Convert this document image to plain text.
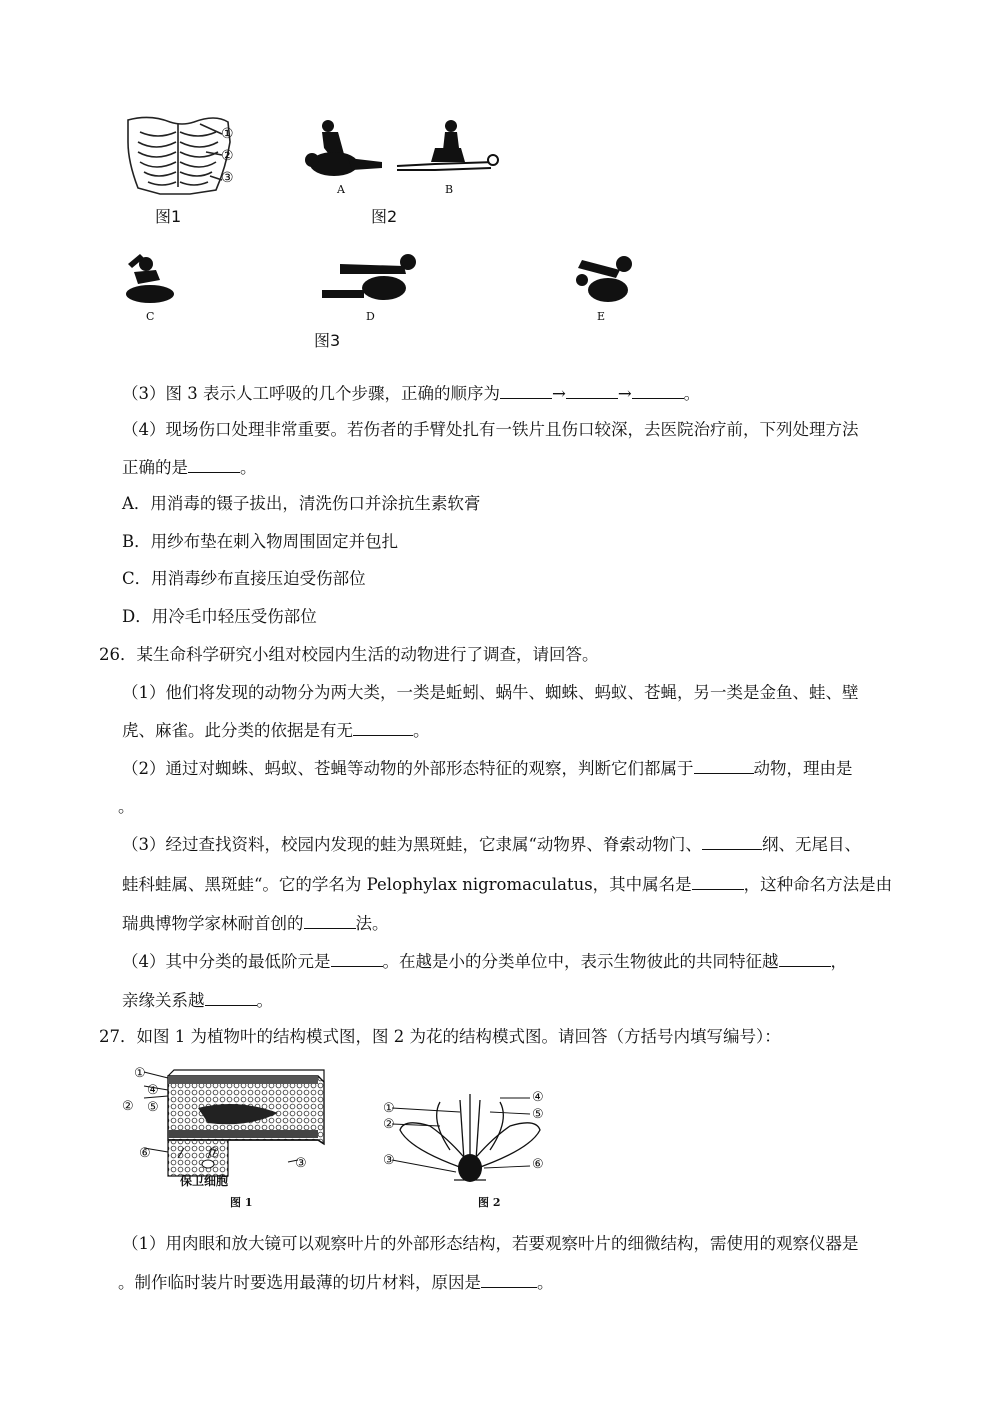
①
②
③
图1
A	B
图2
C	D	E
图3
（3）图 3 表示人工呼吸的几个步骤，正确的顺序为	→	→	。
（4）现场伤口处理非常重要。若伤者的手臂处扎有一铁片且伤口较深，去医院治疗前，下列处理方法
正确的是	。
A．用消毒的镊子拔出，清洗伤口并涂抗生素软膏
B．用纱布垫在刺入物周围固定并包扎
C．用消毒纱布直接压迫受伤部位
D．用冷毛巾轻压受伤部位
26．某生命科学研究小组对校园内生活的动物进行了调查，请回答。
（1）他们将发现的动物分为两大类，一类是蚯蚓、蜗牛、蜘蛛、蚂蚁、苍蝇，另一类是金鱼、蛙、壁
虎、麻雀。此分类的依据是有无	。
（2）通过对蜘蛛、蚂蚁、苍蝇等动物的外部形态特征的观察，判断它们都属于	动物，理由是
。
（3）经过查找资料，校园内发现的蛙为黑斑蛙，它隶属“动物界、脊索动物门、	纲、无尾目、
蛙科蛙属、黑斑蛙“。它的学名为 Pelophylax nigromaculatus，其中属名是	，这种命名方法是由
瑞典博物学家林耐首创的	法。
（4）其中分类的最低阶元是	。在越是小的分类单位中，表示生物彼此的共同特征越	，
亲缘关系越	。
27．如图 1 为植物叶的结构模式图，图 2 为花的结构模式图。请回答（方括号内填写编号）：
①
②
④
⑤
⑥	⑦
③
保卫细胞
图 1
①
②
③
④
⑤
⑥
图 2
（1）用肉眼和放大镜可以观察叶片的外部形态结构，若要观察叶片的细微结构，需使用的观察仪器是
。制作临时装片时要选用最薄的切片材料，原因是	。
